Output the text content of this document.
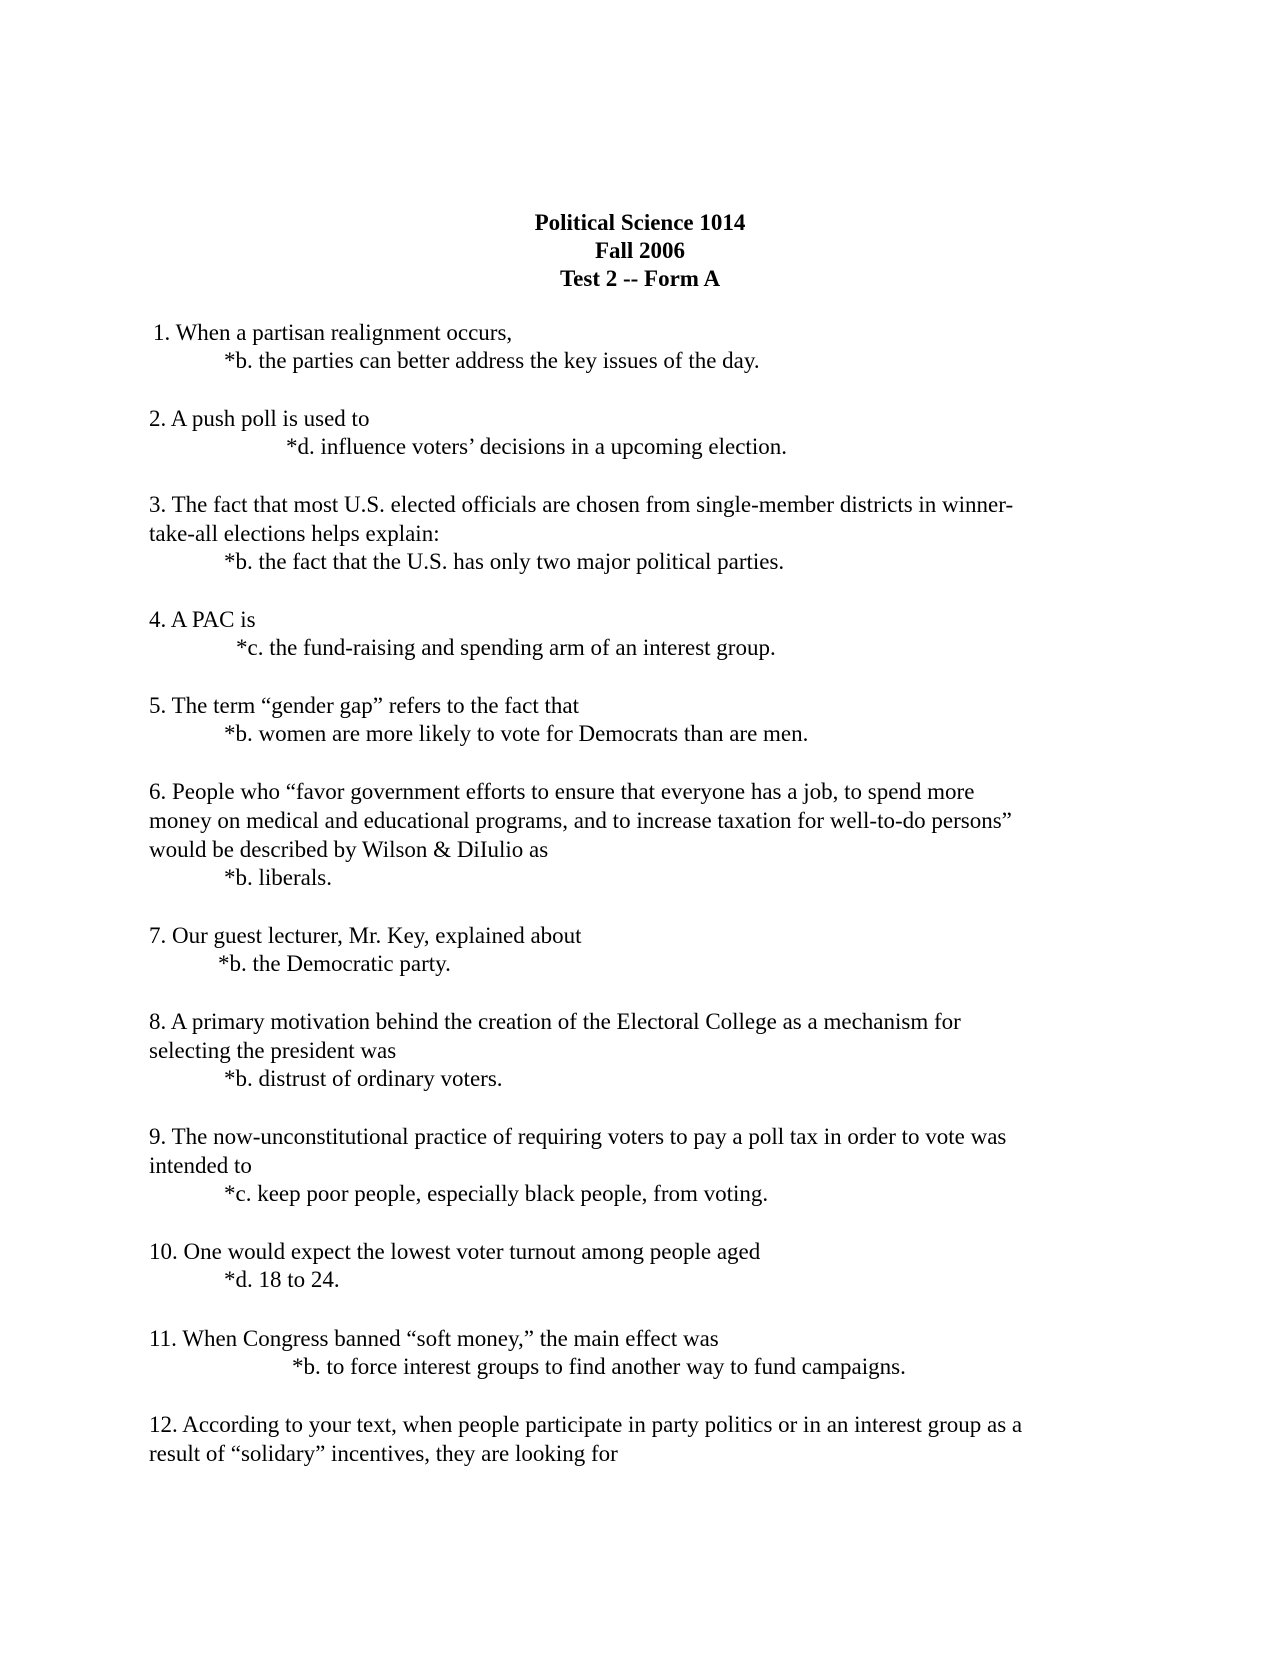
Political Science 1014
Fall 2006
Test 2 -- Form A
1. When a partisan realignment occurs,
*b. the parties can better address the key issues of the day.
2. A push poll is used to
*d. influence voters’ decisions in a upcoming election.
3. The fact that most U.S. elected officials are chosen from single-member districts in winner-
take-all elections helps explain:
*b. the fact that the U.S. has only two major political parties.
4. A PAC is
*c. the fund-raising and spending arm of an interest group.
5. The term “gender gap” refers to the fact that
*b. women are more likely to vote for Democrats than are men.
6. People who “favor government efforts to ensure that everyone has a job, to spend more
money on medical and educational programs, and to increase taxation for well-to-do persons”
would be described by Wilson & DiIulio as
*b. liberals.
7. Our guest lecturer, Mr. Key, explained about
*b. the Democratic party.
8. A primary motivation behind the creation of the Electoral College as a mechanism for
selecting the president was
*b. distrust of ordinary voters.
9. The now-unconstitutional practice of requiring voters to pay a poll tax in order to vote was
intended to
*c. keep poor people, especially black people, from voting.
10. One would expect the lowest voter turnout among people aged
*d. 18 to 24.
11. When Congress banned “soft money,” the main effect was
*b. to force interest groups to find another way to fund campaigns.
12. According to your text, when people participate in party politics or in an interest group as a
result of “solidary” incentives, they are looking for
